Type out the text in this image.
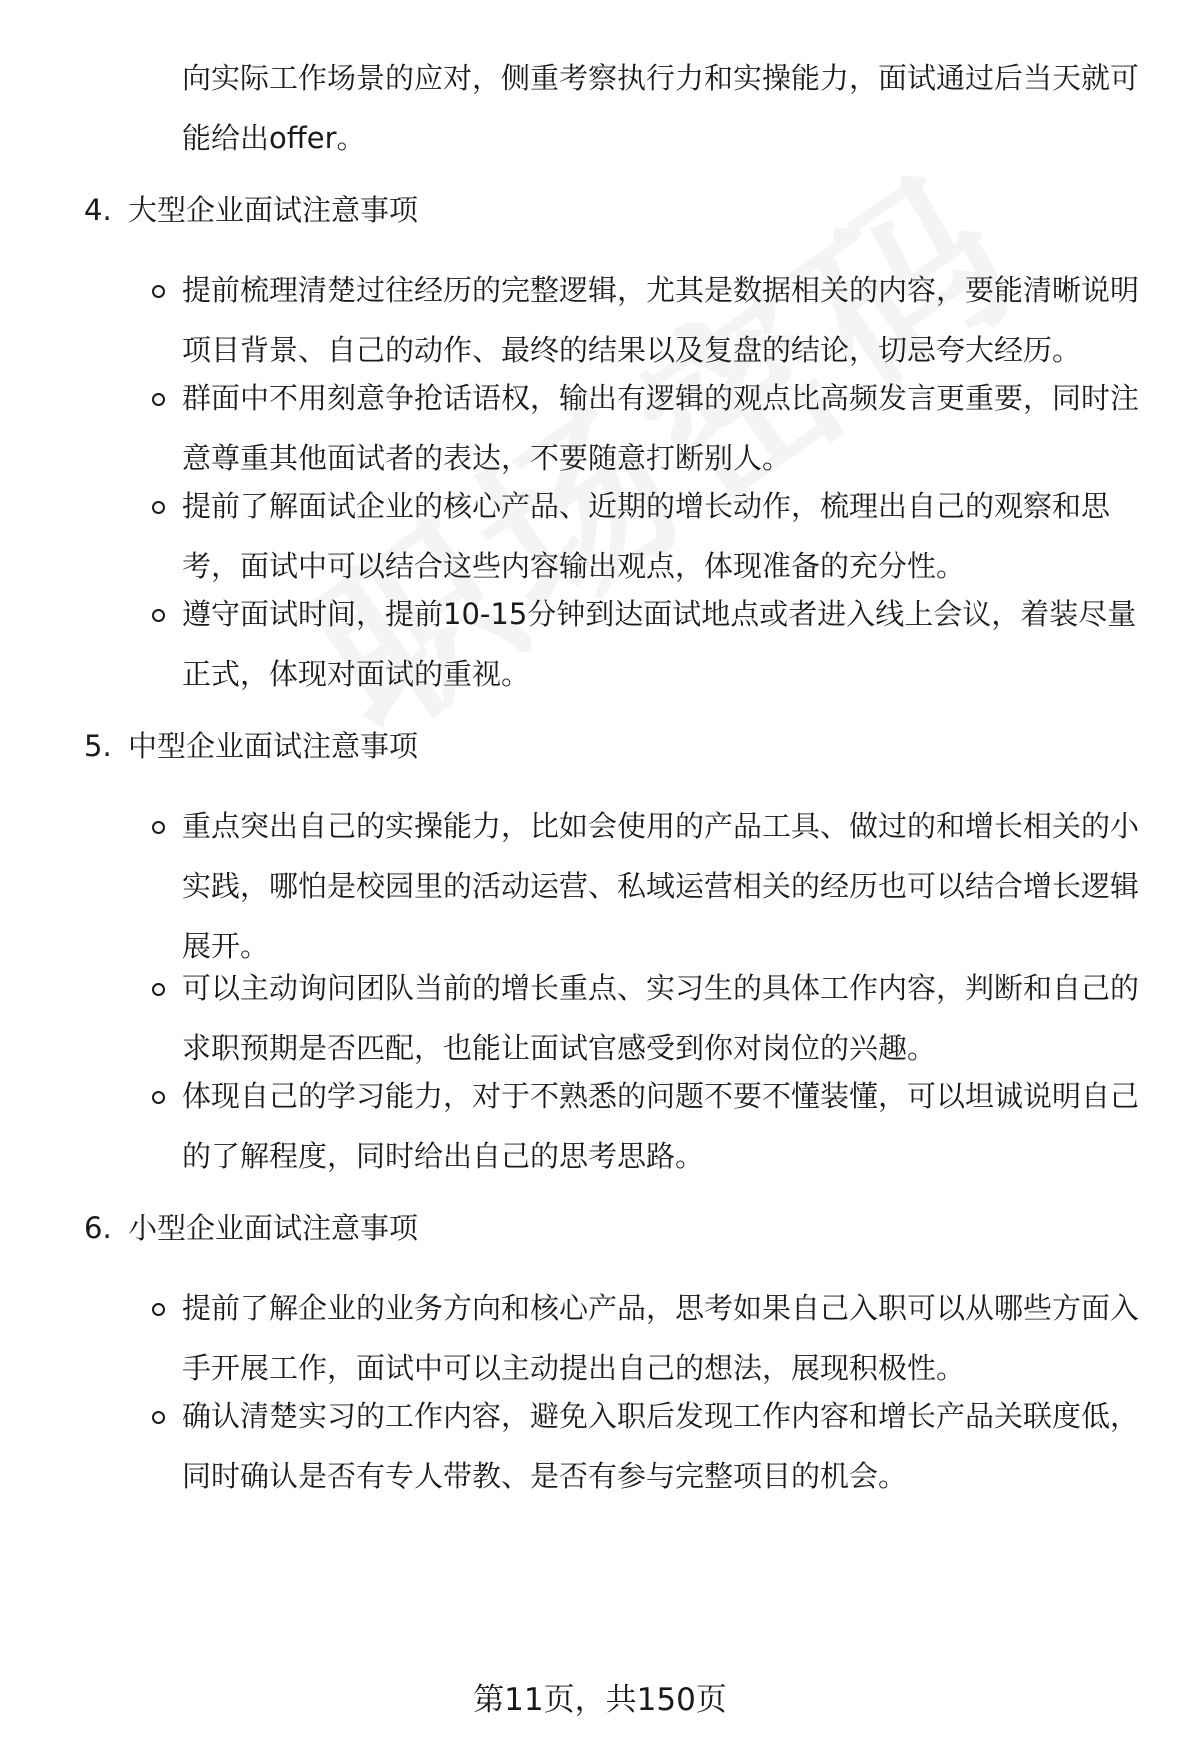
向实际工作场景的应对，侧重考察执行力和实操能力，面试通过后当天就可能给出offer。
4. 大型企业面试注意事项
提前梳理清楚过往经历的完整逻辑，尤其是数据相关的内容，要能清晰说明项目背景、自己的动作、最终的结果以及复盘的结论，切忌夸大经历。
群面中不用刻意争抢话语权，输出有逻辑的观点比高频发言更重要，同时注意尊重其他面试者的表达，不要随意打断别人。
提前了解面试企业的核心产品、近期的增长动作，梳理出自己的观察和思考，面试中可以结合这些内容输出观点，体现准备的充分性。
遵守面试时间，提前10-15分钟到达面试地点或者进入线上会议，着装尽量正式，体现对面试的重视。
5. 中型企业面试注意事项
重点突出自己的实操能力，比如会使用的产品工具、做过的和增长相关的小实践，哪怕是校园里的活动运营、私域运营相关的经历也可以结合增长逻辑展开。
可以主动询问团队当前的增长重点、实习生的具体工作内容，判断和自己的求职预期是否匹配，也能让面试官感受到你对岗位的兴趣。
体现自己的学习能力，对于不熟悉的问题不要不懂装懂，可以坦诚说明自己的了解程度，同时给出自己的思考思路。
6. 小型企业面试注意事项
提前了解企业的业务方向和核心产品，思考如果自己入职可以从哪些方面入手开展工作，面试中可以主动提出自己的想法，展现积极性。
确认清楚实习的工作内容，避免入职后发现工作内容和增长产品关联度低，同时确认是否有专人带教、是否有参与完整项目的机会。
第11页，共150页
